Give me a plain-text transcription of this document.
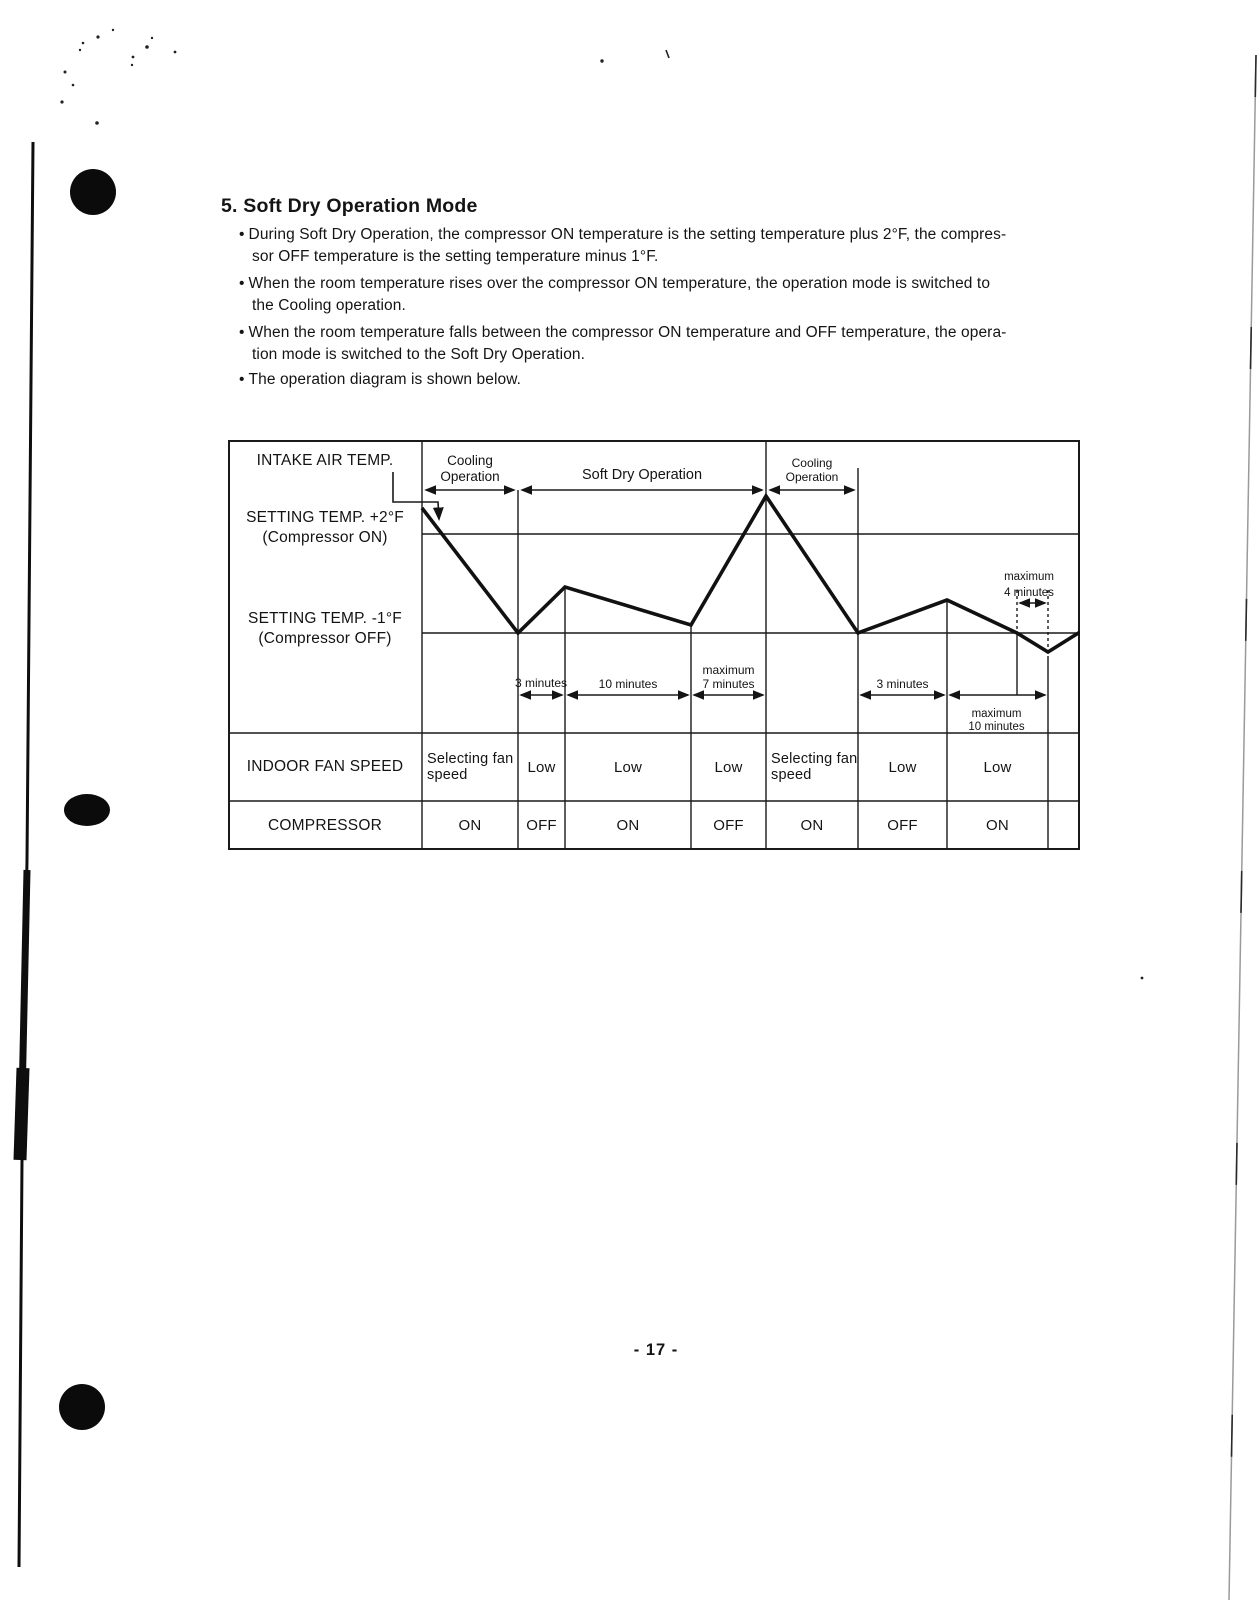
5. Soft Dry Operation Mode
• During Soft Dry Operation, the compressor ON temperature is the setting temperature plus 2°F, the compres-
sor OFF temperature is the setting temperature minus 1°F.
• When the room temperature rises over the compressor ON temperature, the operation mode is switched to
the Cooling operation.
• When the room temperature falls between the compressor ON temperature and OFF temperature, the opera-
tion mode is switched to the Soft Dry Operation.
• The operation diagram is shown below.
INTAKE AIR TEMP.
SETTING TEMP. +2°F
(Compressor ON)
SETTING TEMP. -1°F
(Compressor OFF)
INDOOR FAN SPEED
COMPRESSOR
Cooling
Operation	Soft Dry Operation
Cooling
Operation
3 minutes	10 minutes
maximum
7 minutes	3 minutes
maximum
10 minutes
maximum
4 minutes
Selecting fan speed	Low	Low	Low	Selecting fan speed	Low	Low
ON	OFF	ON	OFF	ON	OFF	ON
- 17 -
